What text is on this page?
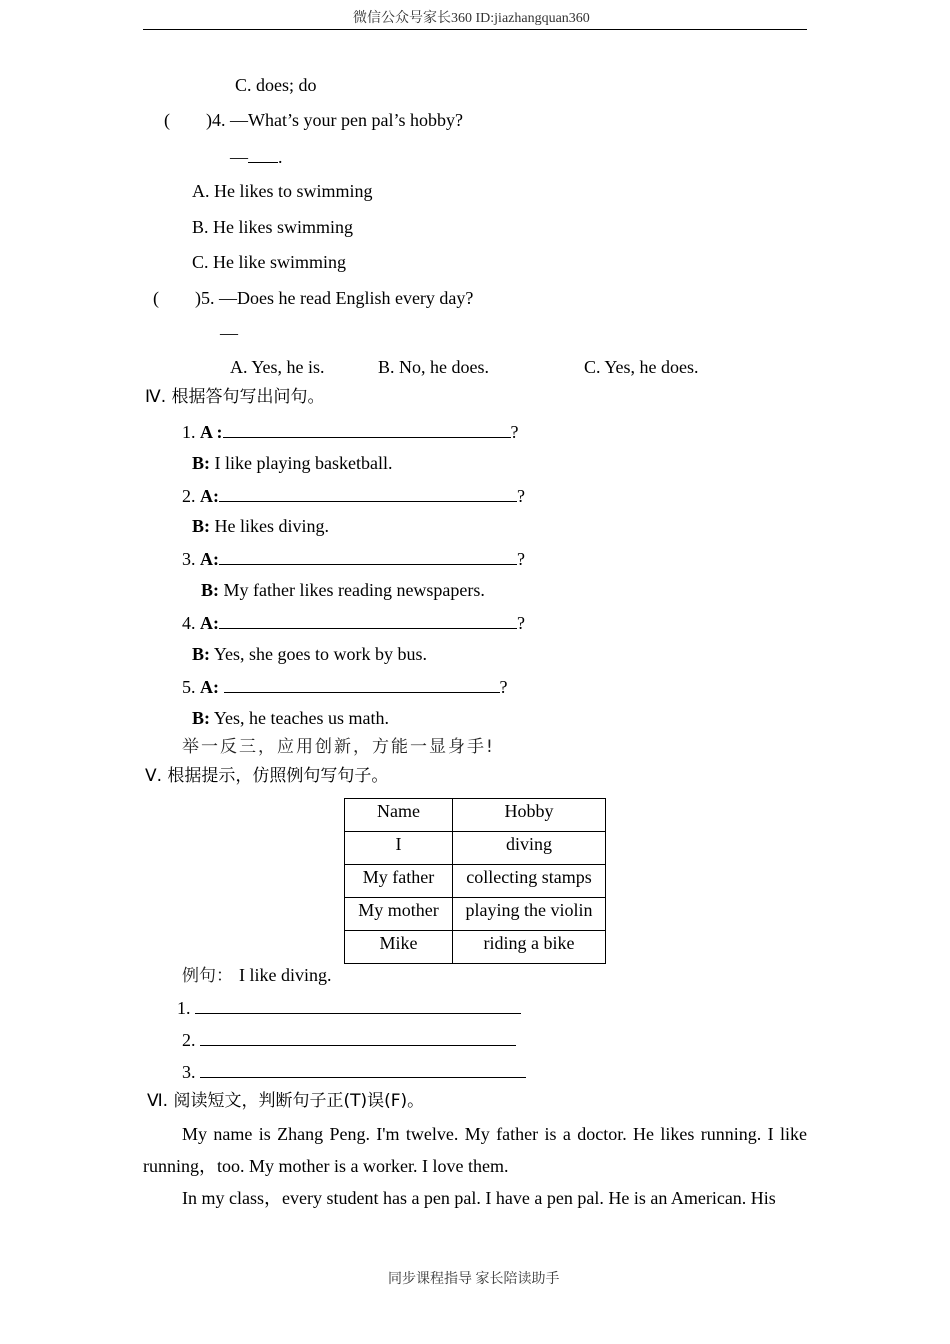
微信公众号家长360 ID:jiazhangquan360
C. does; do
(        ) 4. —What’s your pen pal’s hobby?
— .
A. He likes to swimming
B. He likes swimming
C. He like swimming
(        ) 5. —Does he read English every day?
—
A. Yes, he is.	B. No, he does.	C. Yes, he does.
Ⅳ. 根据答句写出问句。
1. A :	?
B: I like playing basketball.
2. A:	?
B: He likes diving.
3. A:	?
B: My father likes reading newspapers.
4. A:	?
B: Yes, she goes to work by bus.
5. A:	?
B: Yes, he teaches us math.
举一反三，应用创新，方能一显身手!
Ⅴ. 根据提示，仿照例句写句子。
Name	Hobby
I	diving
My father	collecting stamps
My mother	playing the violin
Mike	riding a bike
例句： I like diving.
1.
2.
3.
Ⅵ. 阅读短文，判断句子正(T)误(F)。
My name is Zhang Peng. I'm twelve. My father is a doctor. He likes running. I like running，too. My mother is a worker. I love them.
In my class，every student has a pen pal. I have a pen pal. He is an American. His
同步课程指导 家长陪读助手
